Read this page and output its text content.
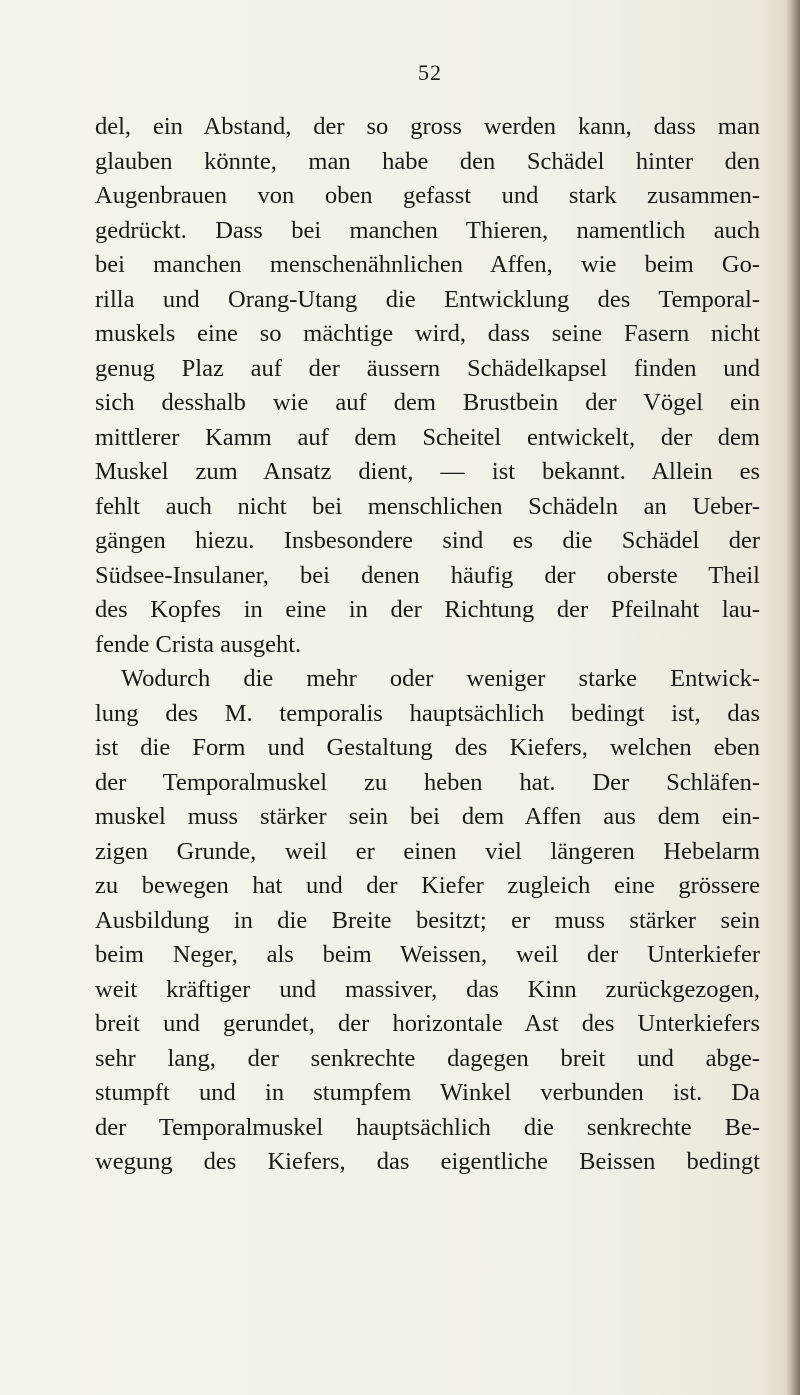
52
del, ein Abstand, der so gross werden kann, dass man
glauben könnte, man habe den Schädel hinter den
Augenbrauen von oben gefasst und stark zusammen-
gedrückt. Dass bei manchen Thieren, namentlich auch
bei manchen menschenähnlichen Affen, wie beim Go-
rilla und Orang-Utang die Entwicklung des Temporal-
muskels eine so mächtige wird, dass seine Fasern nicht
genug Plaz auf der äussern Schädelkapsel finden und
sich desshalb wie auf dem Brustbein der Vögel ein
mittlerer Kamm auf dem Scheitel entwickelt, der dem
Muskel zum Ansatz dient, — ist bekannt. Allein es
fehlt auch nicht bei menschlichen Schädeln an Ueber-
gängen hiezu. Insbesondere sind es die Schädel der
Südsee-Insulaner, bei denen häufig der oberste Theil
des Kopfes in eine in der Richtung der Pfeilnaht lau-
fende Crista ausgeht.
Wodurch die mehr oder weniger starke Entwick-
lung des M. temporalis hauptsächlich bedingt ist, das
ist die Form und Gestaltung des Kiefers, welchen eben
der Temporalmuskel zu heben hat. Der Schläfen-
muskel muss stärker sein bei dem Affen aus dem ein-
zigen Grunde, weil er einen viel längeren Hebelarm
zu bewegen hat und der Kiefer zugleich eine grössere
Ausbildung in die Breite besitzt; er muss stärker sein
beim Neger, als beim Weissen, weil der Unterkiefer
weit kräftiger und massiver, das Kinn zurückgezogen,
breit und gerundet, der horizontale Ast des Unterkiefers
sehr lang, der senkrechte dagegen breit und abge-
stumpft und in stumpfem Winkel verbunden ist. Da
der Temporalmuskel hauptsächlich die senkrechte Be-
wegung des Kiefers, das eigentliche Beissen bedingt
